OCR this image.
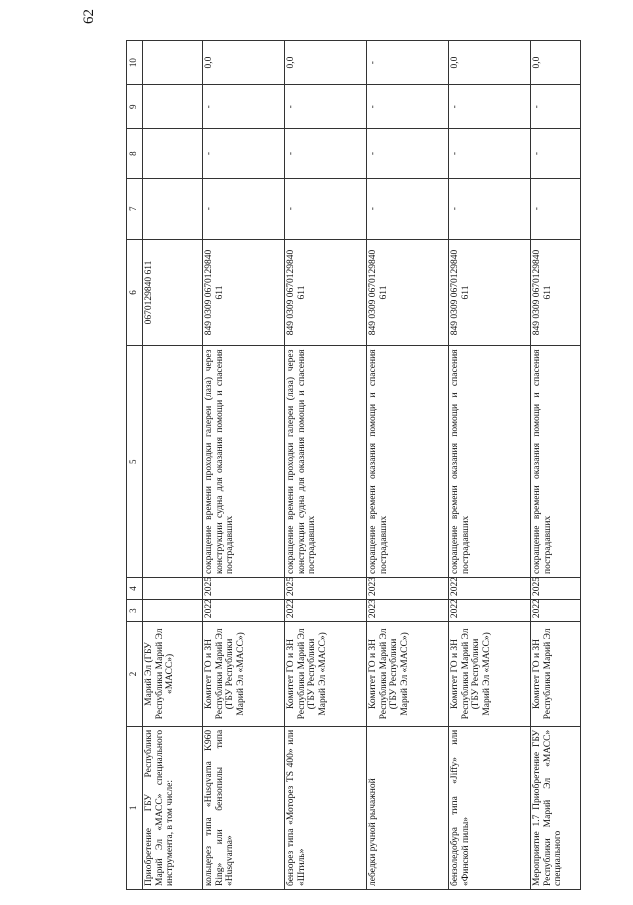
62
1	2	3	4	5	6	7	8	9	10
Приобретение ГБУ Республики Марий Эл «МАСС» специального инструмента, в том числе:	Марий Эл (ГБУ Республики Марий Эл «МАСС»)				0670129840 611				
кольцерез типа «Husqvarna K960 Ring» или бензопилы типа «Husqvarna»	Комитет ГО и ЗН Республики Марий Эл (ГБУ Республики Марий Эл «МАСС»)	2022	2025	сокращение времени проходки галереи (лаза) через конструкции судна для оказания помощи и спасения пострадавших	849 0309 0670129840 611	-	-	-	0,0
бензорез типа «Моторез TS 400» или «Штиль»	Комитет ГО и ЗН Республики Марий Эл (ГБУ Республики Марий Эл «МАСС»)	2022	2025	сокращение времени проходки галереи (лаза) через конструкции судна для оказания помощи и спасения пострадавших	849 0309 0670129840 611	-	-	-	0,0
лебедки ручной рычажной	Комитет ГО и ЗН Республики Марий Эл (ГБУ Республики Марий Эл «МАСС»)	2023	2023	сокращение времени оказания помощи и спасения пострадавших	849 0309 0670129840 611	-	-	-	-
бензоледобура типа «Jiffy» или «Финской пилы»	Комитет ГО и ЗН Республики Марий Эл (ГБУ Республики Марий Эл «МАСС»)	2022	2022	сокращение времени оказания помощи и спасения пострадавших	849 0309 0670129840 611	-	-	-	0,0
Мероприятие 1.7 Приобретение ГБУ Республики Марий Эл «МАСС» специального	Комитет ГО и ЗН Республики Марий Эл	2022	2025	сокращение времени оказания помощи и спасения пострадавших	849 0309 0670129840 611	-	-	-	0,0
